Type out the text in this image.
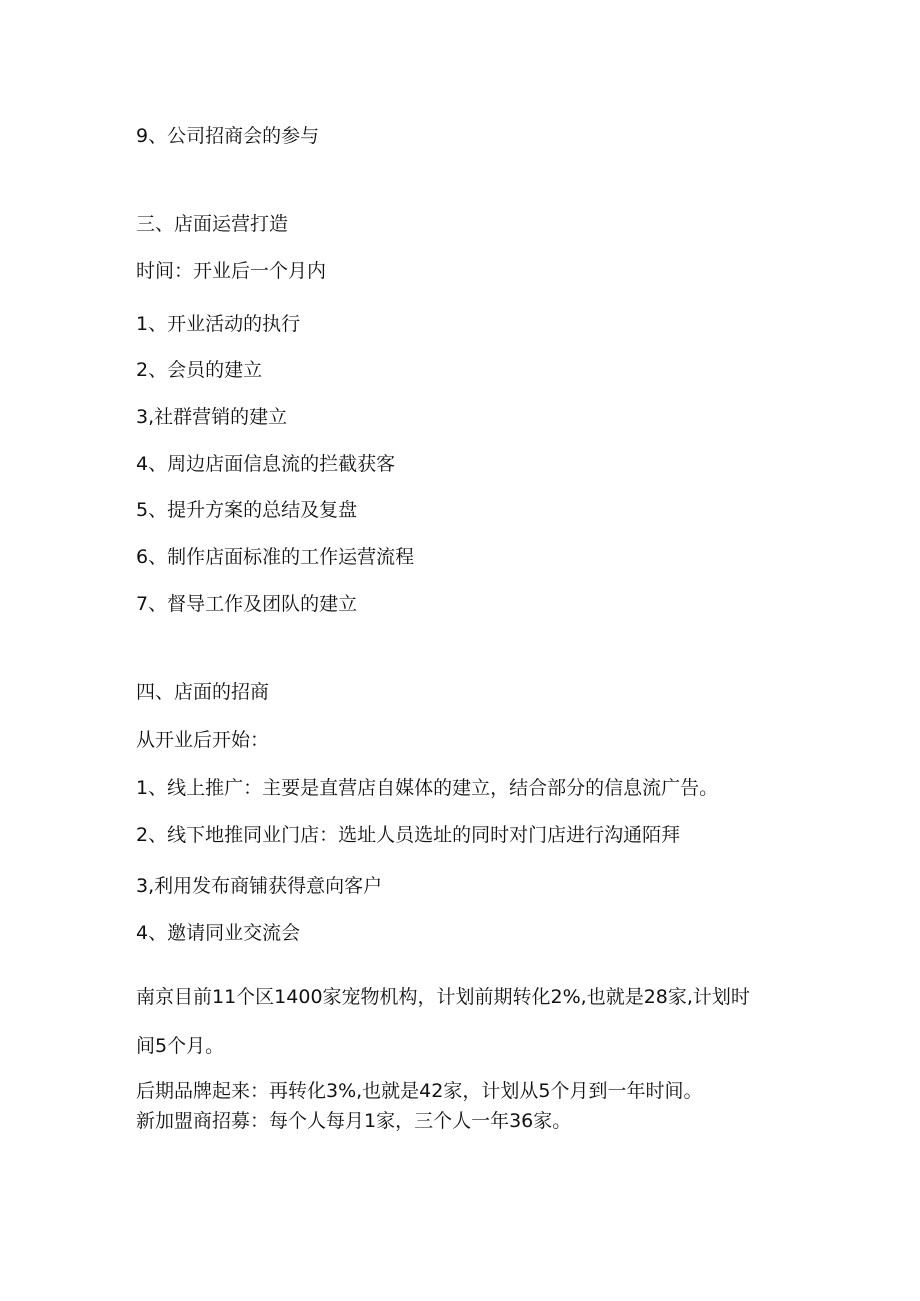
9、公司招商会的参与

三、店面运营打造

时间：开业后一个月内

1、开业活动的执行

2、会员的建立

3,社群营销的建立

4、周边店面信息流的拦截获客

5、提升方案的总结及复盘

6、制作店面标准的工作运营流程

7、督导工作及团队的建立

四、店面的招商

从开业后开始：

1、线上推广：主要是直营店自媒体的建立，结合部分的信息流广告。

2、线下地推同业门店：选址人员选址的同时对门店进行沟通陌拜

3,利用发布商铺获得意向客户

4、邀请同业交流会

南京目前11个区1400家宠物机构，计划前期转化2%,也就是28家,计划时

间5个月。

后期品牌起来：再转化3%,也就是42家，计划从5个月到一年时间。

新加盟商招募：每个人每月1家，三个人一年36家。
